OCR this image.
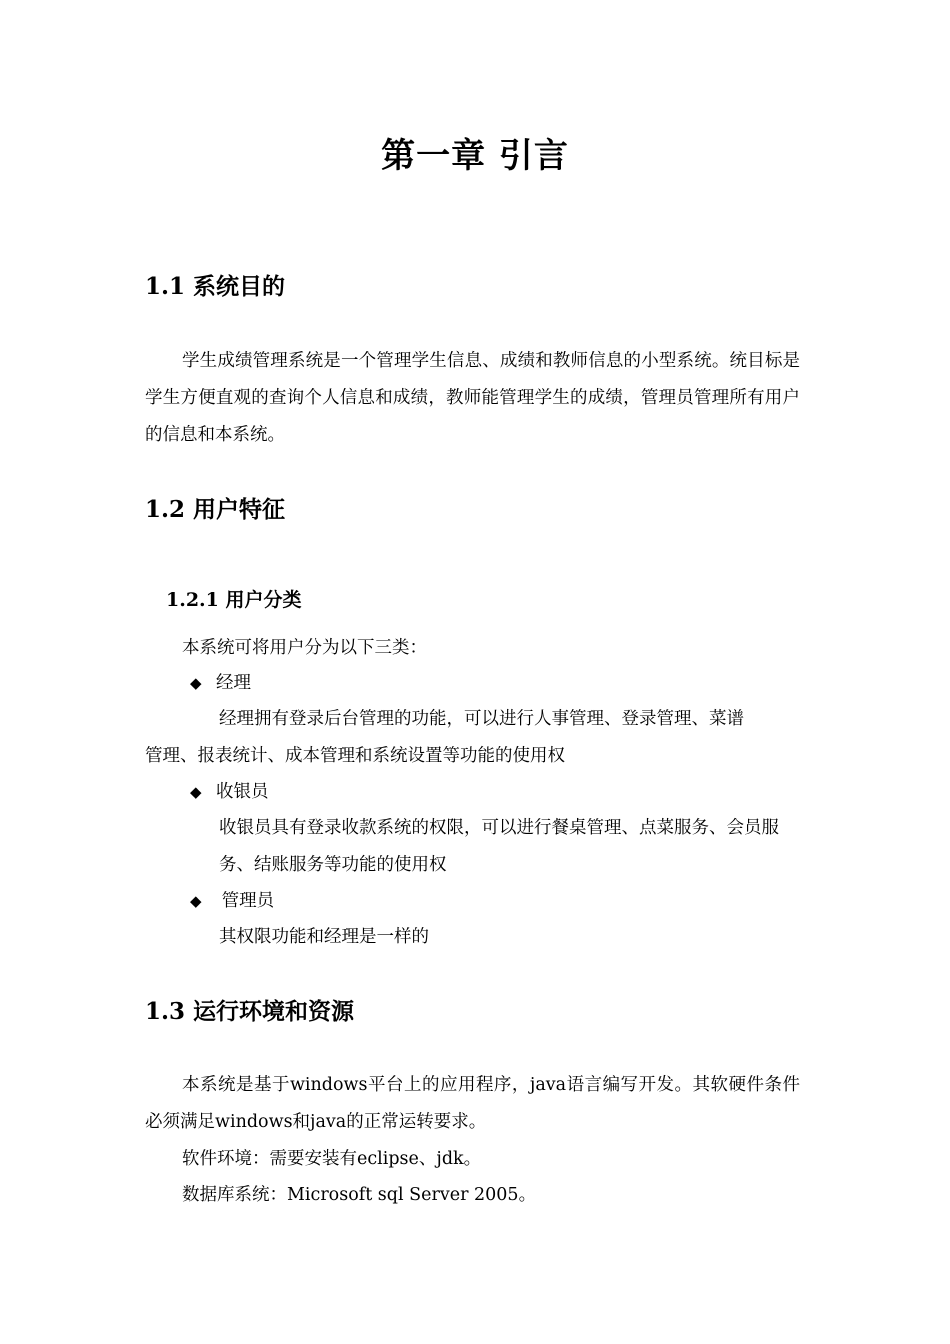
第一章 引言
1.1 系统目的

学生成绩管理系统是一个管理学生信息、成绩和教师信息的小型系统。统目标是学生方便直观的查询个人信息和成绩，教师能管理学生的成绩，管理员管理所有用户的信息和本系统。

1.2 用户特征
1.2.1 用户分类
本系统可将用户分为以下三类：
◆ 经理
经理拥有登录后台管理的功能，可以进行人事管理、登录管理、菜谱
管理、报表统计、成本管理和系统设置等功能的使用权
◆ 收银员

收银员具有登录收款系统的权限，可以进行餐桌管理、点菜服务、会员服务、结账服务等功能的使用权

◆ 管理员
其权限功能和经理是一样的
1.3 运行环境和资源

本系统是基于windows平台上的应用程序，java语言编写开发。其软硬件条件必须满足windows和java的正常运转要求。

软件环境：需要安装有eclipse、jdk。
数据库系统：Microsoft sql Server 2005。
